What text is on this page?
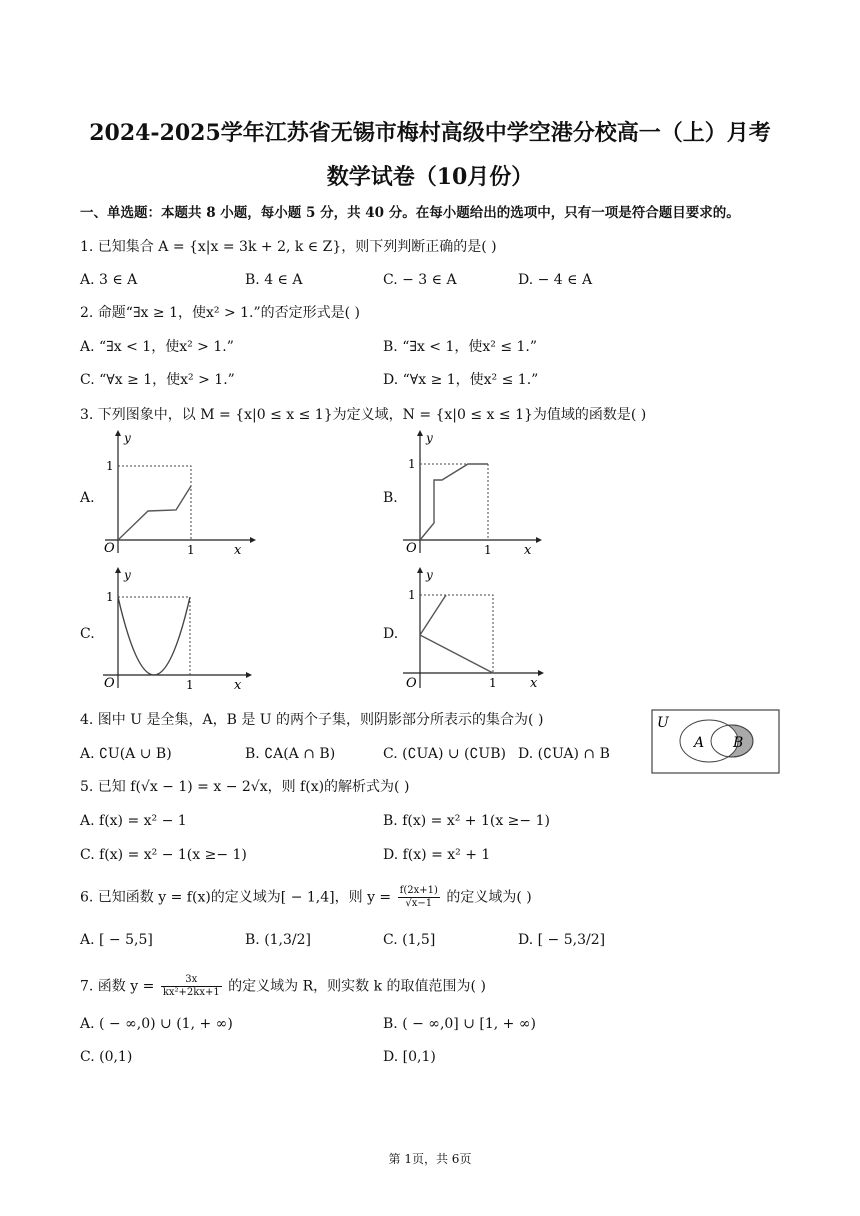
2024-2025学年江苏省无锡市梅村高级中学空港分校高一（上）月考
数学试卷（10月份）
一、单选题：本题共 8 小题，每小题 5 分，共 40 分。在每小题给出的选项中，只有一项是符合题目要求的。
1. 已知集合 A = {x|x = 3k + 2, k ∈ Z}，则下列判断正确的是( )
A. 3 ∈ A	B. 4 ∈ A	C. − 3 ∈ A	D. − 4 ∈ A
2. 命题“∃x ≥ 1，使x² > 1.”的否定形式是( )
A. “∃x < 1，使x² > 1.”	B. “∃x < 1，使x² ≤ 1.”
C. “∀x ≥ 1，使x² > 1.”	D. “∀x ≥ 1，使x² ≤ 1.”
3. 下列图象中，以 M = {x|0 ≤ x ≤ 1}为定义域，N = {x|0 ≤ x ≤ 1}为值域的函数是( )
A.	B.
C.	D.
y
x
O
1
1
y
x
O
1
1
y
x
O
1
1
y
x
O
1
1
4. 图中 U 是全集，A，B 是 U 的两个子集，则阴影部分所表示的集合为( )
A. ∁U(A ∪ B)	B. ∁A(A ∩ B)	C. (∁UA) ∪ (∁UB) D. (∁UA) ∩ B
U
A B
5. 已知 f(√x − 1) = x − 2√x，则 f(x)的解析式为( )
A. f(x) = x² − 1	B. f(x) = x² + 1(x ≥− 1)
C. f(x) = x² − 1(x ≥− 1)	D. f(x) = x² + 1
6. 已知函数 y = f(x)的定义域为[ − 1,4]，则 $y = \frac{f(2x+1)}{√x-1}$ 的定义域为( )
A. [ − 5,5]	B. (1,3/2]	C. (1,5]	D. [ − 5,3/2]
7. 函数 $y = \frac{3x}{\text{kx²+2kx+1}}$ 的定义域为 R，则实数 k 的取值范围为( )
A. ( − ∞,0) ∪ (1, + ∞)	B. ( − ∞,0] ∪ [1, + ∞)
C. (0,1)	D. [0,1)
第 1页，共 6页
